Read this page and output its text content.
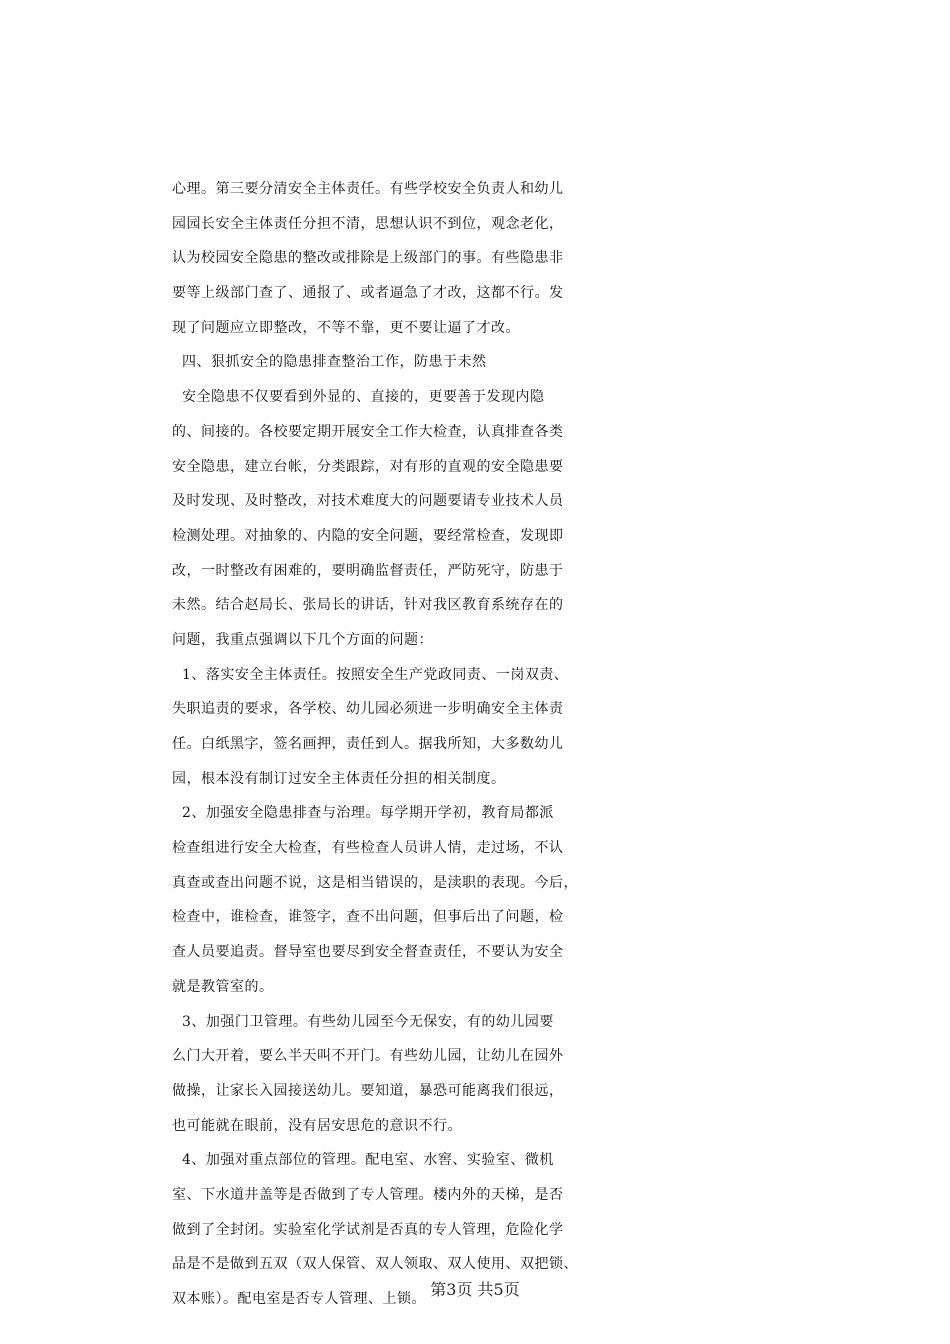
心理。第三要分清安全主体责任。有些学校安全负责人和幼儿
园园长安全主体责任分担不清，思想认识不到位，观念老化，
认为校园安全隐患的整改或排除是上级部门的事。有些隐患非
要等上级部门查了、通报了、或者逼急了才改，这都不行。发
现了问题应立即整改，不等不靠，更不要让逼了才改。
四、狠抓安全的隐患排查整治工作，防患于未然
安全隐患不仅要看到外显的、直接的，更要善于发现内隐
的、间接的。各校要定期开展安全工作大检查，认真排查各类
安全隐患，建立台帐，分类跟踪，对有形的直观的安全隐患要
及时发现、及时整改，对技术难度大的问题要请专业技术人员
检测处理。对抽象的、内隐的安全问题，要经常检查，发现即
改，一时整改有困难的，要明确监督责任，严防死守，防患于
未然。结合赵局长、张局长的讲话，针对我区教育系统存在的
问题，我重点强调以下几个方面的问题：
1、落实安全主体责任。按照安全生产党政同责、一岗双责、
失职追责的要求，各学校、幼儿园必须进一步明确安全主体责
任。白纸黑字，签名画押，责任到人。据我所知，大多数幼儿
园，根本没有制订过安全主体责任分担的相关制度。
2、加强安全隐患排查与治理。每学期开学初，教育局都派
检查组进行安全大检查，有些检查人员讲人情，走过场，不认
真查或查出问题不说，这是相当错误的，是渎职的表现。今后，
检查中，谁检查，谁签字，查不出问题，但事后出了问题，检
查人员要追责。督导室也要尽到安全督查责任，不要认为安全
就是教管室的。
3、加强门卫管理。有些幼儿园至今无保安，有的幼儿园要
么门大开着，要么半天叫不开门。有些幼儿园，让幼儿在园外
做操，让家长入园接送幼儿。要知道，暴恐可能离我们很远，
也可能就在眼前，没有居安思危的意识不行。
4、加强对重点部位的管理。配电室、水窖、实验室、微机
室、下水道井盖等是否做到了专人管理。楼内外的天梯，是否
做到了全封闭。实验室化学试剂是否真的专人管理，危险化学
品是不是做到五双（双人保管、双人领取、双人使用、双把锁、
双本账）。配电室是否专人管理、上锁。 第3页 共5页
